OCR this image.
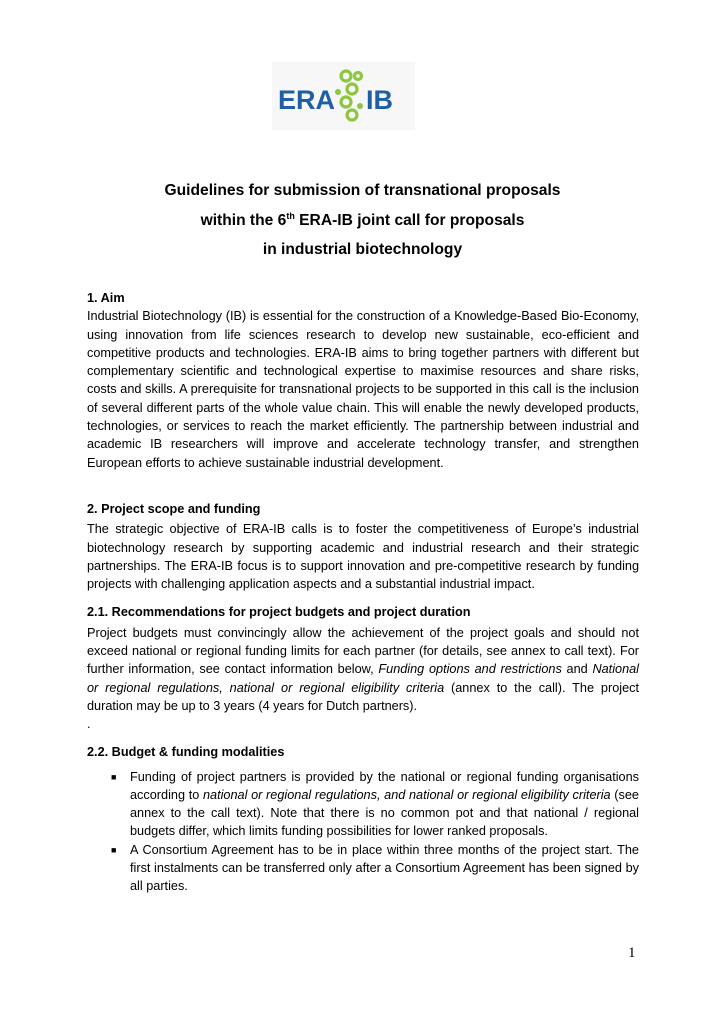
ERA IB
Guidelines for submission of transnational proposals
within the 6th ERA-IB joint call for proposals
in industrial biotechnology

1. Aim

Industrial Biotechnology (IB) is essential for the construction of a Knowledge-Based Bio-Economy, using innovation from life sciences research to develop new sustainable, eco-efficient and competitive products and technologies. ERA-IB aims to bring together partners with different but complementary scientific and technological expertise to maximise resources and share risks, costs and skills. A prerequisite for transnational projects to be supported in this call is the inclusion of several different parts of the whole value chain. This will enable the newly developed products, technologies, or services to reach the market efficiently. The partnership between industrial and academic IB researchers will improve and accelerate technology transfer, and strengthen European efforts to achieve sustainable industrial development.

2. Project scope and funding

The strategic objective of ERA-IB calls is to foster the competitiveness of Europe’s industrial biotechnology research by supporting academic and industrial research and their strategic partnerships. The ERA-IB focus is to support innovation and pre-competitive research by funding projects with challenging application aspects and a substantial industrial impact.

2.1. Recommendations for project budgets and project duration

Project budgets must convincingly allow the achievement of the project goals and should not exceed national or regional funding limits for each partner (for details, see annex to call text). For further information, see contact information below, Funding options and restrictions and National or regional regulations, national or regional eligibility criteria (annex to the call). The project duration may be up to 3 years (4 years for Dutch partners).

.

2.2. Budget & funding modalities

■ Funding of project partners is provided by the national or regional funding organisations according to national or regional regulations, and national or regional eligibility criteria (see annex to the call text). Note that there is no common pot and that national / regional budgets differ, which limits funding possibilities for lower ranked proposals.
■ A Consortium Agreement has to be in place within three months of the project start. The first instalments can be transferred only after a Consortium Agreement has been signed by all parties.
1
